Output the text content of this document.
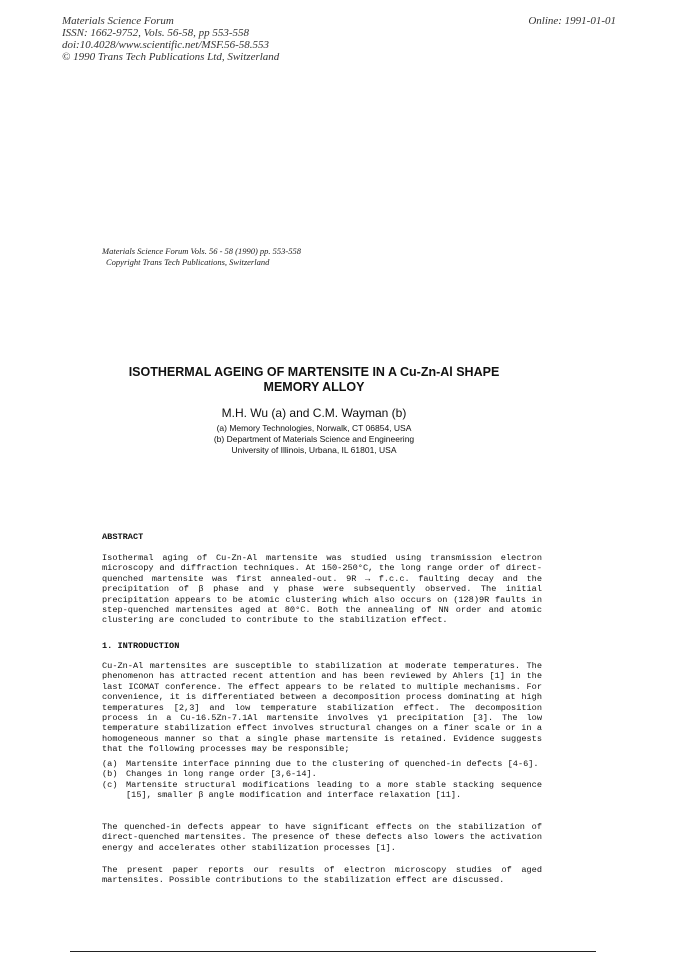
Materials Science Forum
ISSN: 1662-9752, Vols. 56-58, pp 553-558
doi:10.4028/www.scientific.net/MSF.56-58.553
© 1990 Trans Tech Publications Ltd, Switzerland
Online: 1991-01-01
Materials Science Forum Vols. 56 - 58 (1990) pp. 553-558
Copyright Trans Tech Publications, Switzerland
ISOTHERMAL AGEING OF MARTENSITE IN A Cu-Zn-Al SHAPE
MEMORY ALLOY
M.H. Wu (a) and C.M. Wayman (b)
(a) Memory Technologies, Norwalk, CT 06854, USA
(b) Department of Materials Science and Engineering
University of Illinois, Urbana, IL 61801, USA
ABSTRACT
Isothermal aging of Cu-Zn-Al martensite was studied using transmission electron microscopy and diffraction techniques. At 150-250°C, the long range order of direct-quenched martensite was first annealed-out. 9R → f.c.c. faulting decay and the precipitation of β phase and γ phase were subsequently observed. The initial precipitation appears to be atomic clustering which also occurs on (128)9R faults in step-quenched martensites aged at 80°C. Both the annealing of NN order and atomic clustering are concluded to contribute to the stabilization effect.
1. INTRODUCTION
Cu-Zn-Al martensites are susceptible to stabilization at moderate temperatures. The phenomenon has attracted recent attention and has been reviewed by Ahlers [1] in the last ICOMAT conference. The effect appears to be related to multiple mechanisms. For convenience, it is differentiated between a decomposition process dominating at high temperatures [2,3] and low temperature stabilization effect. The decomposition process in a Cu-16.5Zn-7.1Al martensite involves γ1 precipitation [3]. The low temperature stabilization effect involves structural changes on a finer scale or in a homogeneous manner so that a single phase martensite is retained. Evidence suggests that the following processes may be responsible;
(a) Martensite interface pinning due to the clustering of quenched-in defects [4-6].
(b) Changes in long range order [3,6-14].
(c) Martensite structural modifications leading to a more stable stacking sequence [15], smaller β angle modification and interface relaxation [11].
The quenched-in defects appear to have significant effects on the stabilization of direct-quenched martensites. The presence of these defects also lowers the activation energy and accelerates other stabilization processes [1].
The present paper reports our results of electron microscopy studies of aged martensites. Possible contributions to the stabilization effect are discussed.
